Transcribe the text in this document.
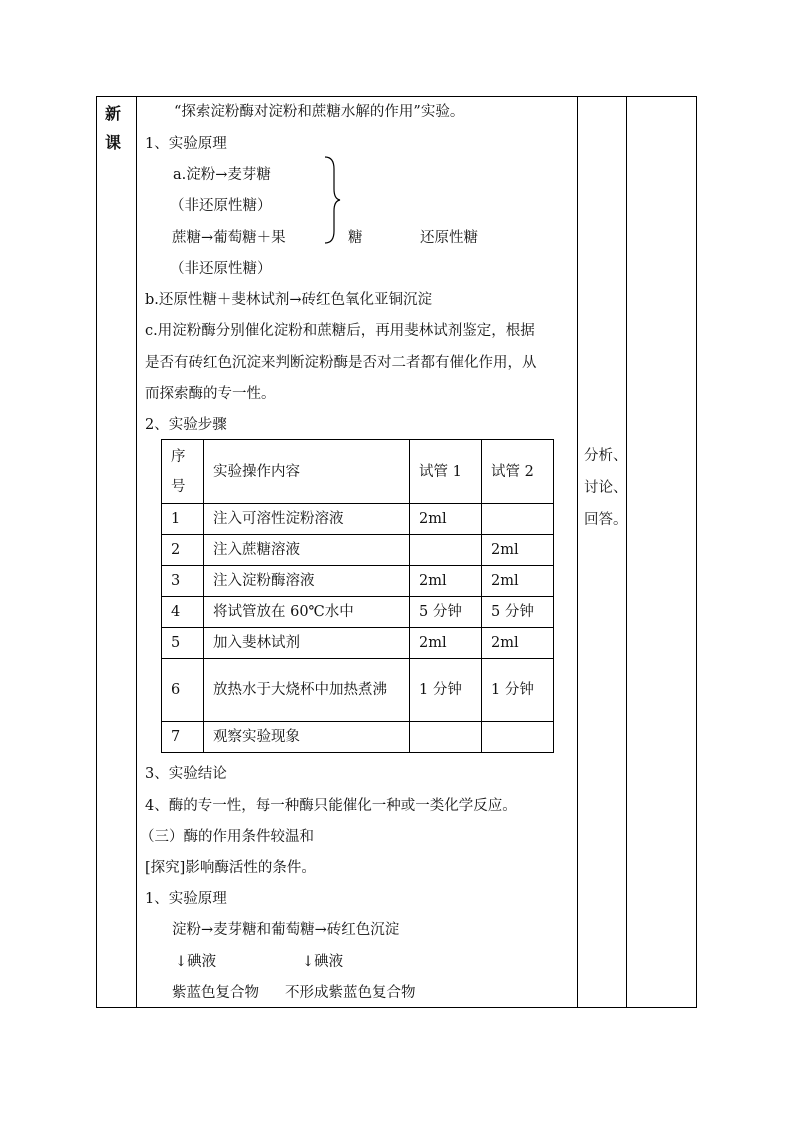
新
课
“探索淀粉酶对淀粉和蔗糖水解的作用”实验。
1、实验原理
a.淀粉→麦芽糖
（非还原性糖）
蔗糖→葡萄糖＋果	糖	还原性糖
（非还原性糖）
b.还原性糖＋斐林试剂→砖红色氧化亚铜沉淀
c.用淀粉酶分别催化淀粉和蔗糖后，再用斐林试剂鉴定，根据
是否有砖红色沉淀来判断淀粉酶是否对二者都有催化作用，从
而探索酶的专一性。
2、实验步骤
序号	实验操作内容	试管 1	试管 2
1	注入可溶性淀粉溶液	2ml	
2	注入蔗糖溶液		2ml
3	注入淀粉酶溶液	2ml	2ml
4	将试管放在 60℃水中	5 分钟	5 分钟
5	加入斐林试剂	2ml	2ml
6	放热水于大烧杯中加热煮沸	1 分钟	1 分钟
7	观察实验现象		
3、实验结论
4、酶的专一性，每一种酶只能催化一种或一类化学反应。
（三）酶的作用条件较温和
[探究]影响酶活性的条件。
1、实验原理
淀粉→麦芽糖和葡萄糖→砖红色沉淀
↓碘液	↓碘液
紫蓝色复合物 不形成紫蓝色复合物
分析、
讨论、
回答。
